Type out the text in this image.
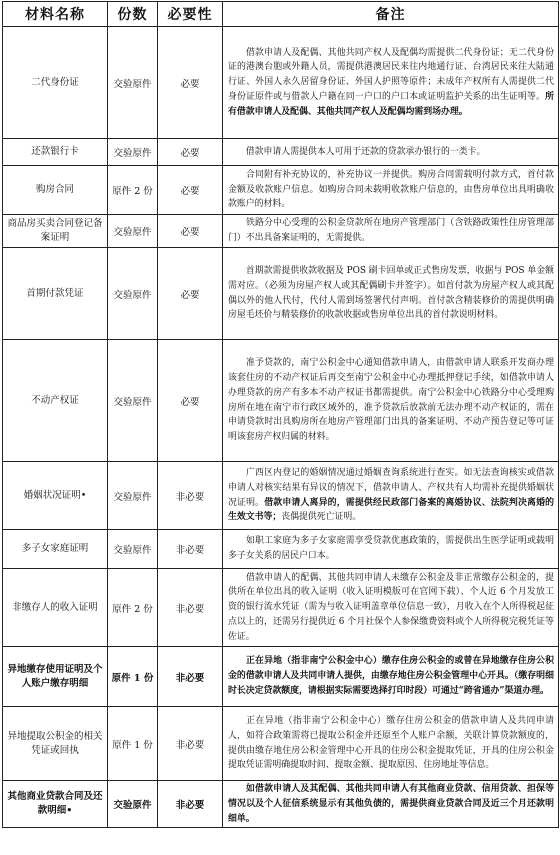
材料名称	份数	必要性	备注
二代身份证	交验原件	必要	借款申请人及配偶、其他共同产权人及配偶均需提供二代身份证；无二代身份证的港澳台胞或外籍人员，需提供港澳居民来往内地通行证、台湾居民来往大陆通行证、外国人永久居留身份证、外国人护照等原件；未成年产权所有人需提供二代身份证原件或与借款人户籍在同一户口的户口本或证明监护关系的出生证明等。所有借款申请人及配偶、其他共同产权人及配偶均需到场办理。
还款银行卡	交验原件	必要	借款申请人需提供本人可用于还款的贷款承办银行的一类卡。
购房合同	原件 2 份	必要	合同附有补充协议的，补充协议一并提供。购房合同需载明付款方式，首付款金额及收款账户信息。如购房合同未载明收款账户信息的，由售房单位出具明确收款账户的材料。
商品房买卖合同登记备案证明	交验原件	必要	铁路分中心受理的公积金贷款所在地房产管理部门（含铁路政策性住房管理部门）不出具备案证明的，无需提供。
首期付款凭证	交验原件	必要	首期款需提供收款收据及 POS 刷卡回单或正式售房发票，收据与 POS 单金额需对应。（必须为房屋产权人或其配偶刷卡并签字）。如首付款为房屋产权人或其配偶以外的他人代付，代付人需到场签署代付声明。首付款含精装修价的需提供明确房屋毛坯价与精装修价的收款收据或售房单位出具的首付款说明材料。
不动产权证	交验原件	必要	准予贷款的，南宁公积金中心通知借款申请人，由借款申请人联系开发商办理该套住房的不动产权证后再交至南宁公积金中心办理抵押登记手续，如借款申请人办理贷款的房产有多本不动产权证书都需提供。南宁公积金中心铁路分中心受理购房所在地在南宁市行政区域外的，准予贷款后放款前无法办理不动产权证的，需在申请贷款时出具购房所在地房产管理部门出具的备案证明、不动产预告登记等可证明该套房产权归属的材料。
婚姻状况证明•	交验原件	非必要	广西区内登记的婚姻情况通过婚姻查询系统进行查实。如无法查询核实或借款申请人对核实结果有异议的情况下，借款申请人、产权共有人均需补充提供婚姻状况证明。借款申请人离异的，需提供经民政部门备案的离婚协议、法院判决离婚的生效文书等；丧偶提供死亡证明。
多子女家庭证明	交验原件	非必要	如职工家庭为多子女家庭需享受贷款优惠政策的，需提供出生医学证明或载明多子女关系的居民户口本。
非缴存人的收入证明	原件 2 份	非必要	借款申请人的配偶、其他共同申请人未缴存公积金及非正常缴存公积金的，提供所在单位出具的收入证明（收入证明模版可在官网下载）、个人近 6 个月发放工资的银行流水凭证（需为与收入证明盖章单位信息一致），月收入在个人所得税起征点以上的，还需另行提供近 6 个月社保个人参保缴费资料或个人所得税完税凭证等佐证。
异地缴存使用证明及个人账户缴存明细	原件 1 份	非必要	正在异地（指非南宁公积金中心）缴存住房公积金的或曾在异地缴存住房公积金的借款申请人及共同申请人提供，由缴存地住房公积金管理中心开具。（缴存明细时长决定贷款额度，请根据实际需要选择打印时段）可通过“跨省通办”渠道办理。
异地提取公积金的相关凭证或回执	原件 1 份	非必要	正在异地（指非南宁公积金中心）缴存住房公积金的借款申请人及共同申请人，如符合政策需将已提取公积金并还原至个人账户余额，关联计算贷款额度的，提供由缴存地住房公积金管理中心开具的住房公积金提取凭证，开具的住房公积金提取凭证需明确提取时间、提取金额、提取原因、住房地址等信息。
其他商业贷款合同及还款明细•	交验原件	非必要	如借款申请人及其配偶、其他共同申请人有其他商业贷款、信用贷款、担保等情况以及个人征信系统显示有其他负债的，需提供商业贷款合同及近三个月还款明细单。
